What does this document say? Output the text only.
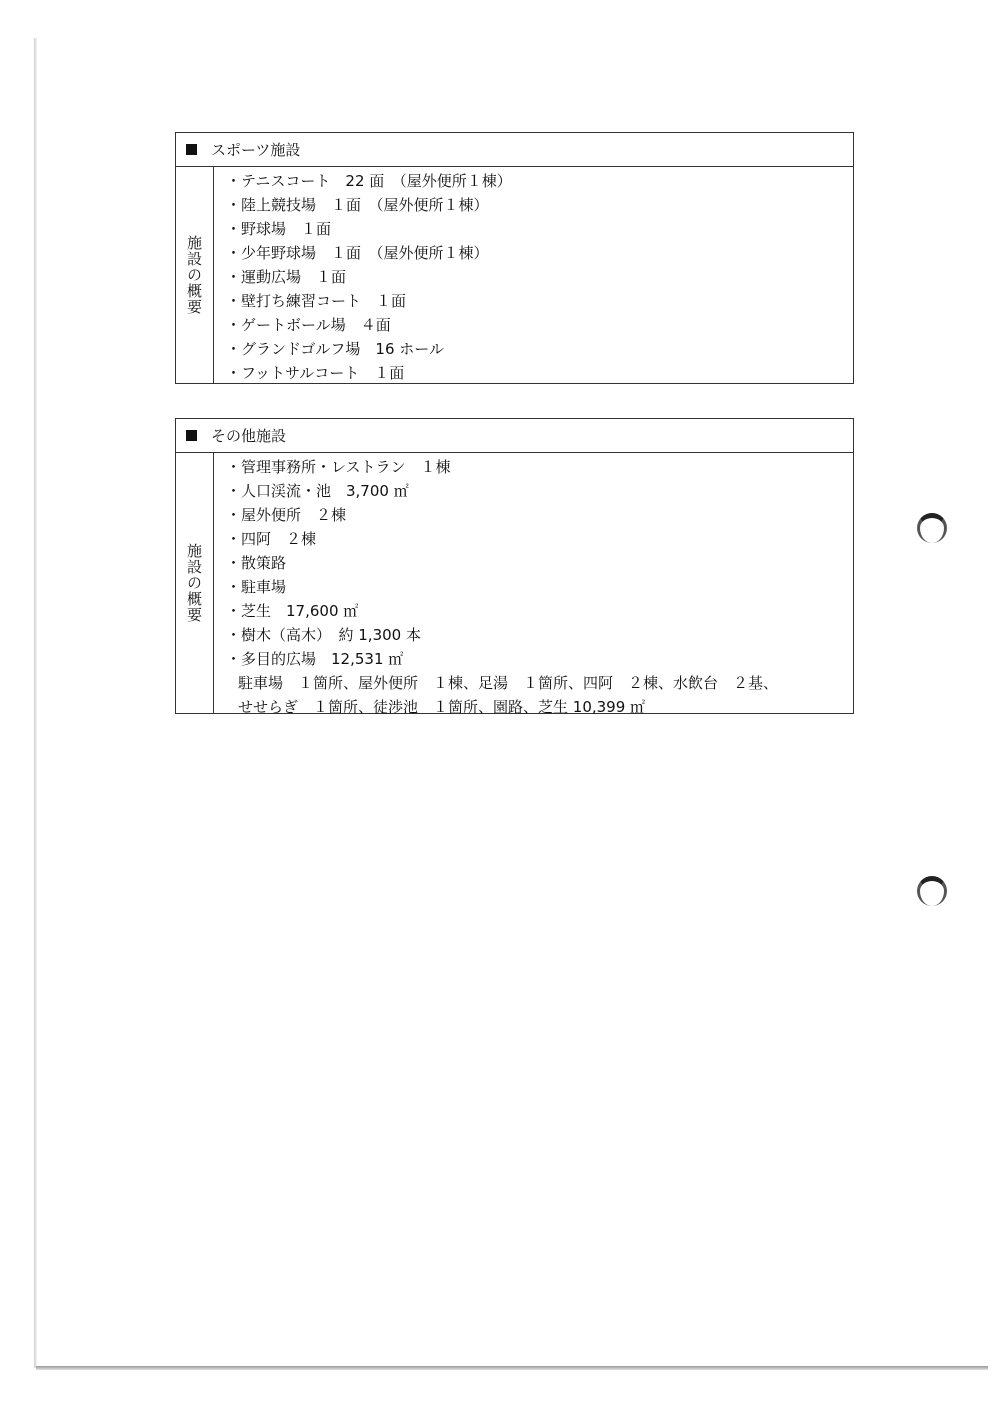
スポーツ施設
施設の概要
・テニスコート　22 面　（屋外便所１棟）
・陸上競技場　１面　（屋外便所１棟）
・野球場　１面
・少年野球場　１面　（屋外便所１棟）
・運動広場　１面
・壁打ち練習コート　１面
・ゲートボール場　４面
・グランドゴルフ場　16 ホール
・フットサルコート　１面
その他施設
施設の概要
・管理事務所・レストラン　１棟
・人口渓流・池　3,700 ㎡
・屋外便所　２棟
・四阿　２棟
・散策路
・駐車場
・芝生　17,600 ㎡
・樹木（高木）　約 1,300 本
・多目的広場　12,531 ㎡
駐車場　１箇所、屋外便所　１棟、足湯　１箇所、四阿　２棟、水飲台　２基、
せせらぎ　１箇所、徒渉池　１箇所、園路、芝生 10,399 ㎡
